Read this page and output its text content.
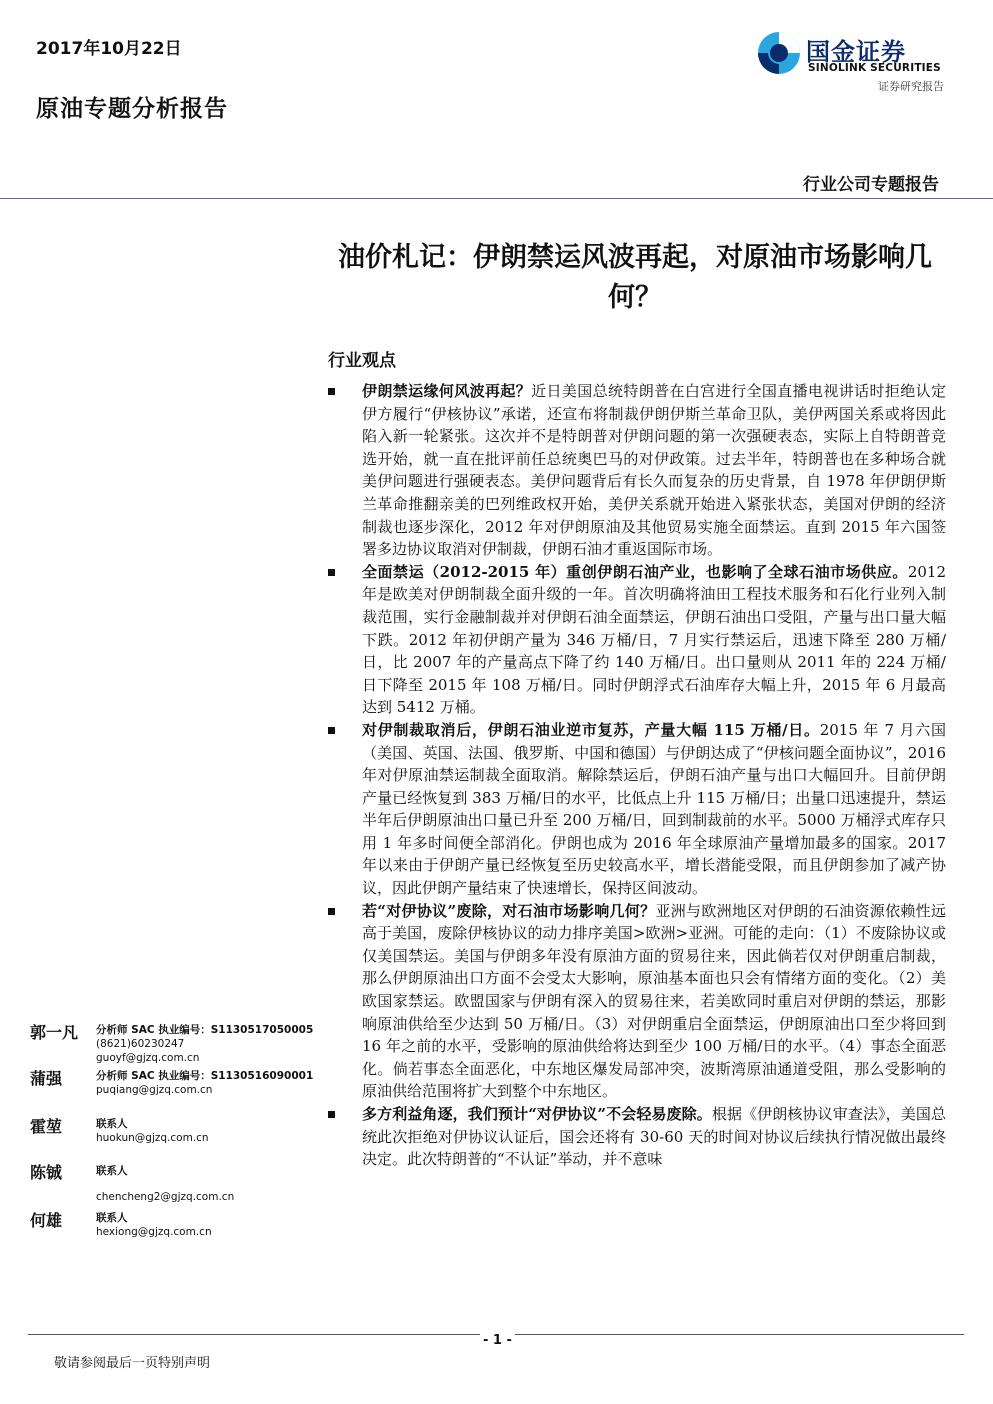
2017年10月22日
原油专题分析报告
国金证券
SINOLINK SECURITIES
证券研究报告
行业公司专题报告
油价札记：伊朗禁运风波再起，对原油市场影响几何？
行业观点
伊朗禁运缘何风波再起？近日美国总统特朗普在白宫进行全国直播电视讲话时拒绝认定伊方履行“伊核协议”承诺，还宣布将制裁伊朗伊斯兰革命卫队，美伊两国关系或将因此陷入新一轮紧张。这次并不是特朗普对伊朗问题的第一次强硬表态，实际上自特朗普竞选开始，就一直在批评前任总统奥巴马的对伊政策。过去半年，特朗普也在多种场合就美伊问题进行强硬表态。美伊问题背后有长久而复杂的历史背景，自 1978 年伊朗伊斯兰革命推翻亲美的巴列维政权开始，美伊关系就开始进入紧张状态，美国对伊朗的经济制裁也逐步深化，2012 年对伊朗原油及其他贸易实施全面禁运。直到 2015 年六国签署多边协议取消对伊制裁，伊朗石油才重返国际市场。
全面禁运（2012-2015 年）重创伊朗石油产业，也影响了全球石油市场供应。2012 年是欧美对伊朗制裁全面升级的一年。首次明确将油田工程技术服务和石化行业列入制裁范围，实行金融制裁并对伊朗石油全面禁运，伊朗石油出口受阻，产量与出口量大幅下跌。2012 年初伊朗产量为 346 万桶/日，7 月实行禁运后，迅速下降至 280 万桶/日，比 2007 年的产量高点下降了约 140 万桶/日。出口量则从 2011 年的 224 万桶/日下降至 2015 年 108 万桶/日。同时伊朗浮式石油库存大幅上升，2015 年 6 月最高达到 5412 万桶。
对伊制裁取消后，伊朗石油业逆市复苏，产量大幅 115 万桶/日。2015 年 7 月六国（美国、英国、法国、俄罗斯、中国和德国）与伊朗达成了“伊核问题全面协议”，2016 年对伊原油禁运制裁全面取消。解除禁运后，伊朗石油产量与出口大幅回升。目前伊朗产量已经恢复到 383 万桶/日的水平，比低点上升 115 万桶/日；出量口迅速提升，禁运半年后伊朗原油出口量已升至 200 万桶/日，回到制裁前的水平。5000 万桶浮式库存只用 1 年多时间便全部消化。伊朗也成为 2016 年全球原油产量增加最多的国家。2017 年以来由于伊朗产量已经恢复至历史较高水平，增长潜能受限，而且伊朗参加了减产协议，因此伊朗产量结束了快速增长，保持区间波动。
若“对伊协议”废除，对石油市场影响几何？亚洲与欧洲地区对伊朗的石油资源依赖性远高于美国，废除伊核协议的动力排序美国>欧洲>亚洲。可能的走向：（1）不废除协议或仅美国禁运。美国与伊朗多年没有原油方面的贸易往来，因此倘若仅对伊朗重启制裁，那么伊朗原油出口方面不会受太大影响，原油基本面也只会有情绪方面的变化。（2）美欧国家禁运。欧盟国家与伊朗有深入的贸易往来，若美欧同时重启对伊朗的禁运，那影响原油供给至少达到 50 万桶/日。（3）对伊朗重启全面禁运，伊朗原油出口至少将回到 16 年之前的水平，受影响的原油供给将达到至少 100 万桶/日的水平。（4）事态全面恶化。倘若事态全面恶化，中东地区爆发局部冲突，波斯湾原油通道受阻，那么受影响的原油供给范围将扩大到整个中东地区。
多方利益角逐，我们预计“对伊协议”不会轻易废除。根据《伊朗核协议审查法》，美国总统此次拒绝对伊协议认证后，国会还将有 30-60 天的时间对协议后续执行情况做出最终决定。此次特朗普的“不认证”举动，并不意味
郭一凡 分析师 SAC 执业编号：S1130517050005
(8621)60230247
guoyf@gjzq.com.cn
蒲强	分析师 SAC 执业编号：S1130516090001
puqiang@gjzq.com.cn
霍堃	联系人
huokun@gjzq.com.cn
陈铖	联系人
chencheng2@gjzq.com.cn
何雄	联系人
hexiong@gjzq.com.cn
- 1 -
敬请参阅最后一页特别声明
